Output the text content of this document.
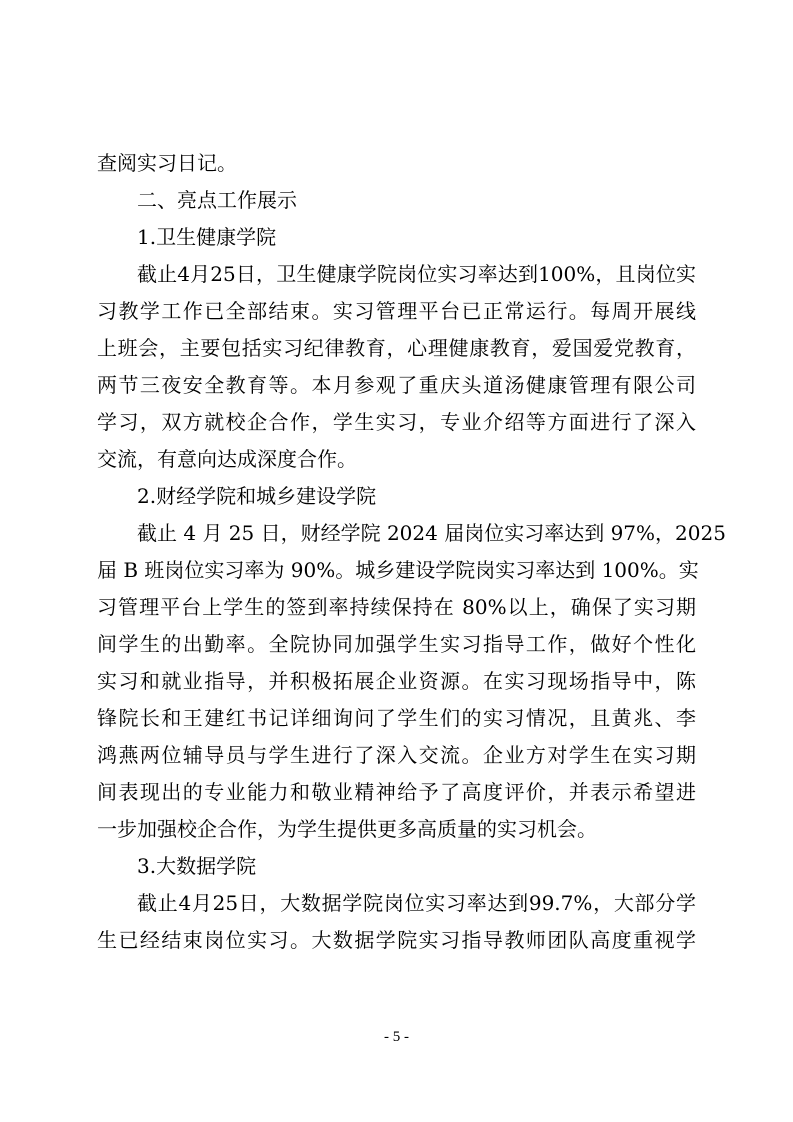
查阅实习日记。
二、亮点工作展示
1.卫生健康学院
截止4月25日，卫生健康学院岗位实习率达到100%，且岗位实
习教学工作已全部结束。实习管理平台已正常运行。每周开展线
上班会，主要包括实习纪律教育，心理健康教育，爱国爱党教育，
两节三夜安全教育等。本月参观了重庆头道汤健康管理有限公司
学习，双方就校企合作，学生实习，专业介绍等方面进行了深入
交流，有意向达成深度合作。
2.财经学院和城乡建设学院
截止 4 月 25 日，财经学院 2024 届岗位实习率达到 97%，2025
届 B 班岗位实习率为 90%。城乡建设学院岗实习率达到 100%。实
习管理平台上学生的签到率持续保持在 80%以上，确保了实习期
间学生的出勤率。全院协同加强学生实习指导工作，做好个性化
实习和就业指导，并积极拓展企业资源。在实习现场指导中，陈
锋院长和王建红书记详细询问了学生们的实习情况，且黄兆、李
鸿燕两位辅导员与学生进行了深入交流。企业方对学生在实习期
间表现出的专业能力和敬业精神给予了高度评价，并表示希望进
一步加强校企合作，为学生提供更多高质量的实习机会。
3.大数据学院
截止4月25日，大数据学院岗位实习率达到99.7%，大部分学
生已经结束岗位实习。大数据学院实习指导教师团队高度重视学
- 5 -
